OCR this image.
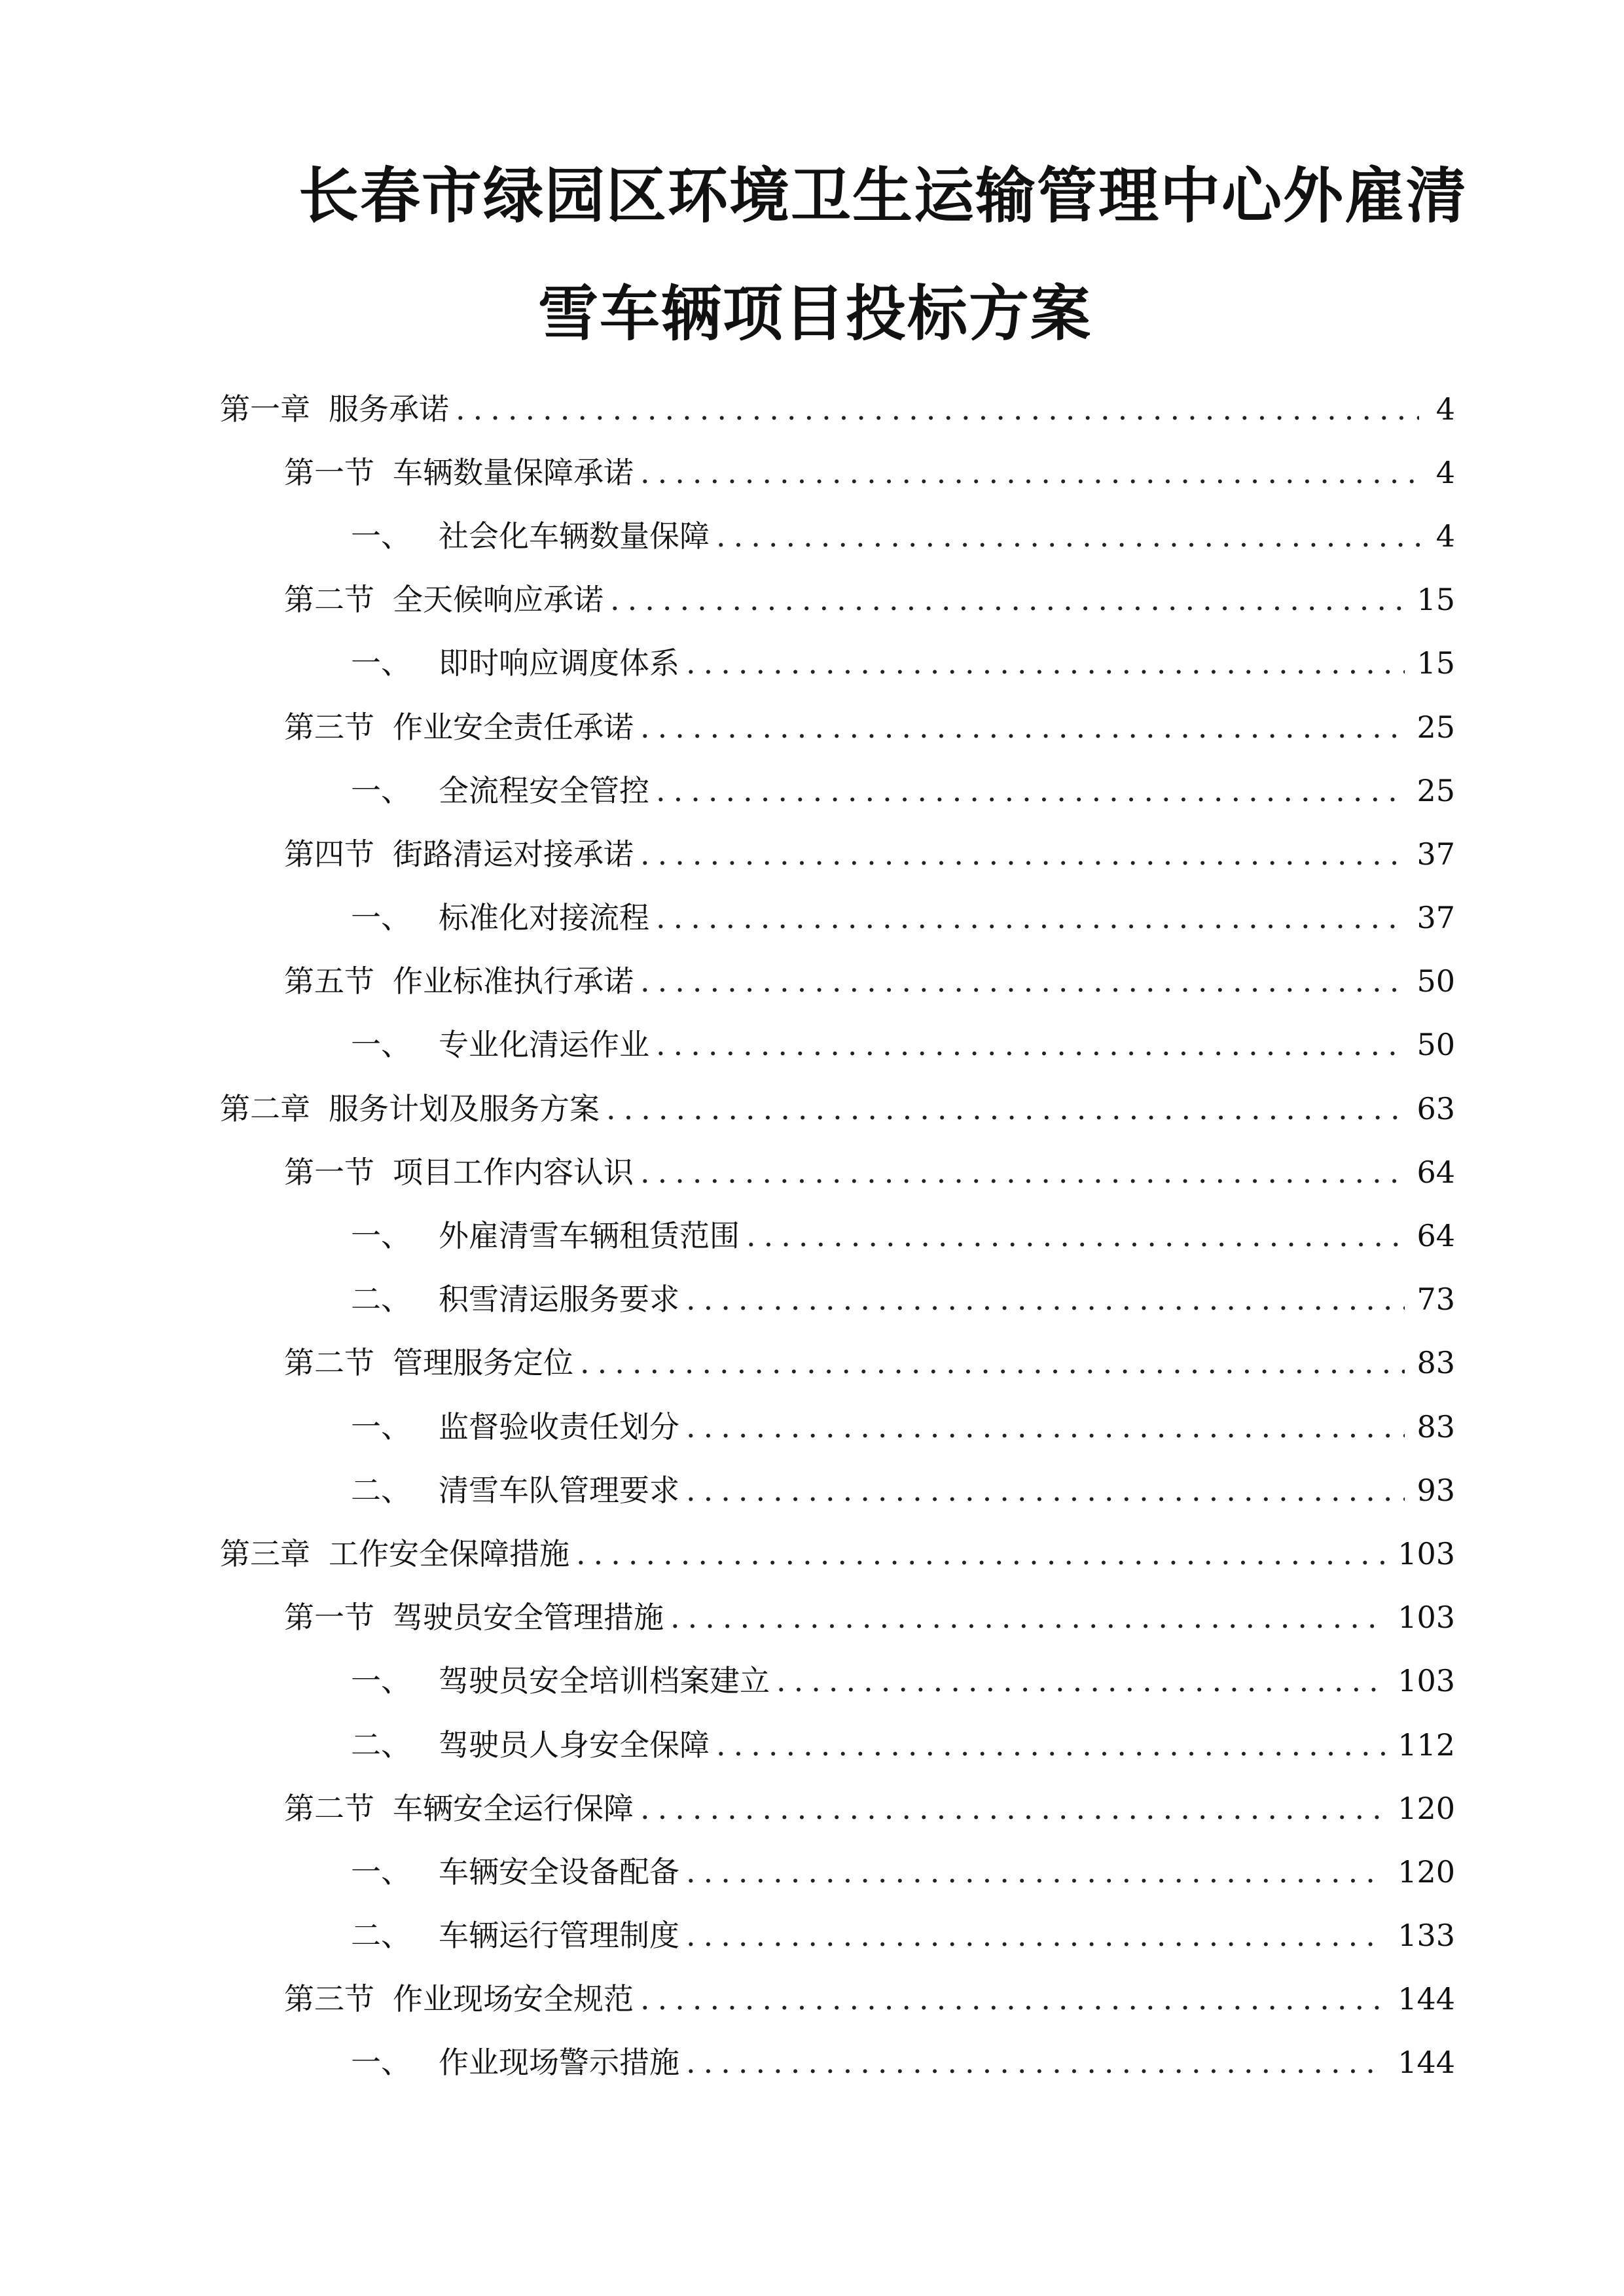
长春市绿园区环境卫生运输管理中心外雇清
雪车辆项目投标方案
第一章 服务承诺 .....	4
第一节 车辆数量保障承诺 .....	4
一、 社会化车辆数量保障 .....	4
第二节 全天候响应承诺 .....	15
一、 即时响应调度体系 .....	15
第三节 作业安全责任承诺 .....	25
一、 全流程安全管控 .....	25
第四节 街路清运对接承诺 .....	37
一、 标准化对接流程 .....	37
第五节 作业标准执行承诺 .....	50
一、 专业化清运作业 .....	50
第二章 服务计划及服务方案 .....	63
第一节 项目工作内容认识 .....	64
一、 外雇清雪车辆租赁范围 .....	64
二、 积雪清运服务要求 .....	73
第二节 管理服务定位 .....	83
一、 监督验收责任划分 .....	83
二、 清雪车队管理要求 .....	93
第三章 工作安全保障措施 .....	103
第一节 驾驶员安全管理措施 .....	103
一、 驾驶员安全培训档案建立 .....	103
二、 驾驶员人身安全保障 .....	112
第二节 车辆安全运行保障 .....	120
一、 车辆安全设备配备 .....	120
二、 车辆运行管理制度 .....	133
第三节 作业现场安全规范 .....	144
一、 作业现场警示措施 .....	144
